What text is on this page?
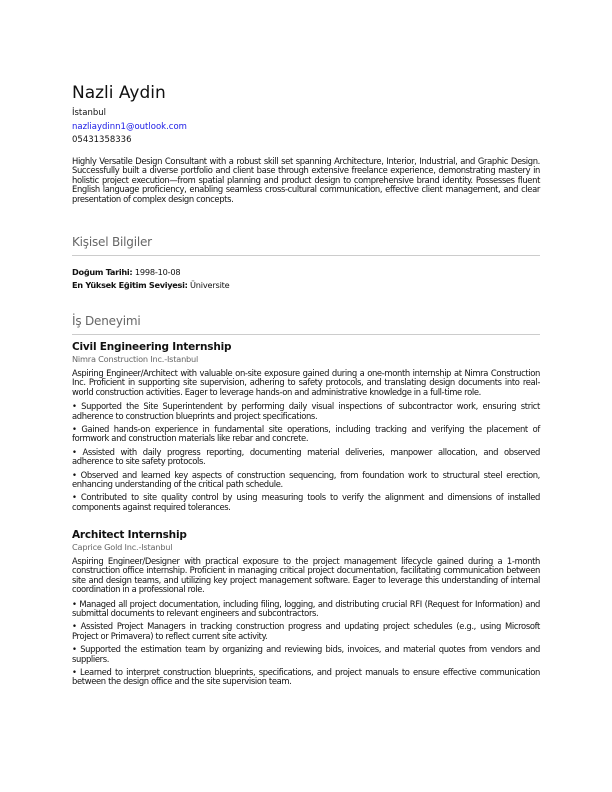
Nazli Aydin
İstanbul
nazliaydinn1@outlook.com
05431358336

Highly Versatile Design Consultant with a robust skill set spanning Architecture, Interior, Industrial, and Graphic Design. Successfully built a diverse portfolio and client base through extensive freelance experience, demonstrating mastery in holistic project execution—from spatial planning and product design to comprehensive brand identity. Possesses fluent English language proficiency, enabling seamless cross-cultural communication, effective client management, and clear presentation of complex design concepts.

Kişisel Bilgiler
Doğum Tarihi: 1998-10-08
En Yüksek Eğitim Seviyesi: Üniversite
İş Deneyimi
Civil Engineering Internship
Nimra Construction Inc.-Istanbul

Aspiring Engineer/Architect with valuable on-site exposure gained during a one-month internship at Nimra Construction Inc. Proficient in supporting site supervision, adhering to safety protocols, and translating design documents into real-world construction activities. Eager to leverage hands-on and administrative knowledge in a full-time role.

• Supported the Site Superintendent by performing daily visual inspections of subcontractor work, ensuring strict adherence to construction blueprints and project specifications.

• Gained hands-on experience in fundamental site operations, including tracking and verifying the placement of formwork and construction materials like rebar and concrete.

• Assisted with daily progress reporting, documenting material deliveries, manpower allocation, and observed adherence to site safety protocols.

• Observed and learned key aspects of construction sequencing, from foundation work to structural steel erection, enhancing understanding of the critical path schedule.

• Contributed to site quality control by using measuring tools to verify the alignment and dimensions of installed components against required tolerances.

Architect Internship
Caprice Gold Inc.-Istanbul

Aspiring Engineer/Designer with practical exposure to the project management lifecycle gained during a 1-month construction office internship. Proficient in managing critical project documentation, facilitating communication between site and design teams, and utilizing key project management software. Eager to leverage this understanding of internal coordination in a professional role.

• Managed all project documentation, including filing, logging, and distributing crucial RFI (Request for Information) and submittal documents to relevant engineers and subcontractors.

• Assisted Project Managers in tracking construction progress and updating project schedules (e.g., using Microsoft Project or Primavera) to reflect current site activity.

• Supported the estimation team by organizing and reviewing bids, invoices, and material quotes from vendors and suppliers.

• Learned to interpret construction blueprints, specifications, and project manuals to ensure effective communication between the design office and the site supervision team.
